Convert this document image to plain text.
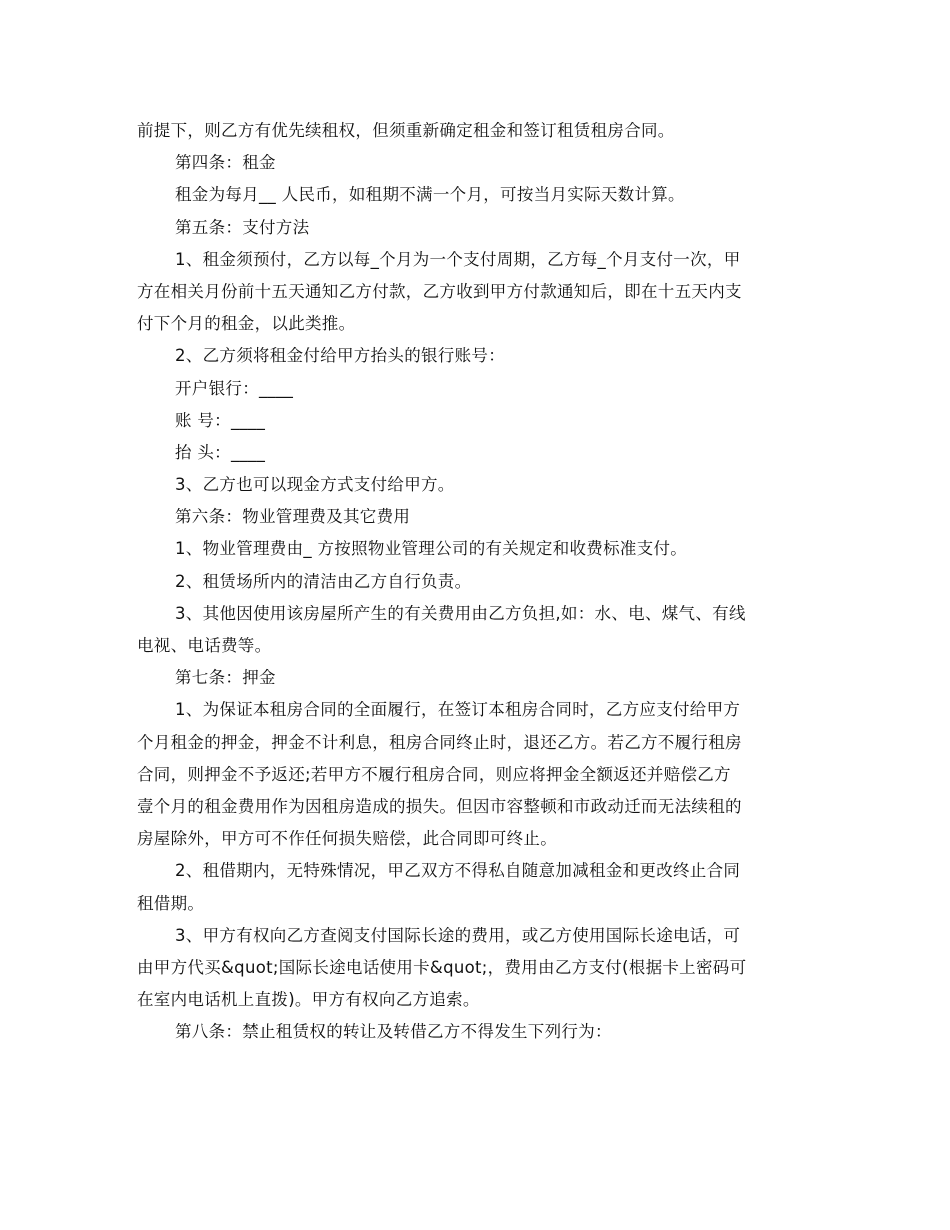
前提下，则乙方有优先续租权，但须重新确定租金和签订租赁租房合同。
第四条：租金
租金为每月__ 人民币，如租期不满一个月，可按当月实际天数计算。
第五条：支付方法
1、租金须预付，乙方以每_个月为一个支付周期，乙方每_个月支付一次，甲
方在相关月份前十五天通知乙方付款，乙方收到甲方付款通知后，即在十五天内支
付下个月的租金，以此类推。
2、乙方须将租金付给甲方抬头的银行账号：
开户银行：____
账 号：____
抬 头：____
3、乙方也可以现金方式支付给甲方。
第六条：物业管理费及其它费用
1、物业管理费由_ 方按照物业管理公司的有关规定和收费标准支付。
2、租赁场所内的清洁由乙方自行负责。
3、其他因使用该房屋所产生的有关费用由乙方负担,如：水、电、煤气、有线
电视、电话费等。
第七条：押金
1、为保证本租房合同的全面履行，在签订本租房合同时，乙方应支付给甲方
个月租金的押金，押金不计利息，租房合同终止时，退还乙方。若乙方不履行租房
合同，则押金不予返还;若甲方不履行租房合同，则应将押金全额返还并赔偿乙方
壹个月的租金费用作为因租房造成的损失。但因市容整顿和市政动迁而无法续租的
房屋除外，甲方可不作任何损失赔偿，此合同即可终止。
2、租借期内，无特殊情况，甲乙双方不得私自随意加减租金和更改终止合同
租借期。
3、甲方有权向乙方查阅支付国际长途的费用，或乙方使用国际长途电话，可
由甲方代买&quot;国际长途电话使用卡&quot;，费用由乙方支付(根据卡上密码可
在室内电话机上直拨)。甲方有权向乙方追索。
第八条：禁止租赁权的转让及转借乙方不得发生下列行为：
